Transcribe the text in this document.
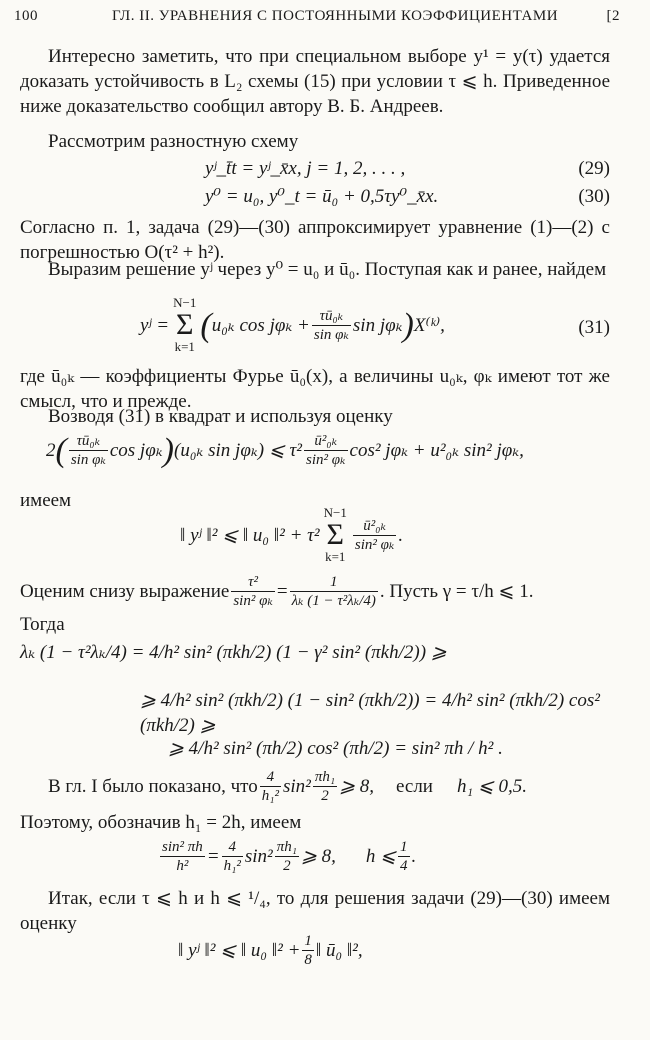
100	ГЛ. II. УРАВНЕНИЯ С ПОСТОЯННЫМИ КОЭФФИЦИЕНТАМИ	[2
Интересно заметить, что при специальном выборе y¹ = y(τ) удается доказать устойчивость в L₂ схемы (15) при условии τ ⩽ h. Приведенное ниже доказательство сообщил автору В. Б. Андреев.
Рассмотрим разностную схему
yʲ_t̄t = yʲ_x̄x, j = 1, 2, . . . ,	(29)
y⁰ = u₀, y⁰_t = ū₀ + 0,5τy⁰_x̄x.	(30)
Согласно п. 1, задача (29)—(30) аппроксимирует уравнение (1)—(2) с погрешностью O(τ² + h²).
Выразим решение yʲ через y⁰ = u₀ и ū₀. Поступая как и ранее, найдем
yʲ =
N−1
Σ
k=1
( u₀ₖ $\cos j\varphi_k + \frac{\text{τū₀ₖ}}{\text{sin φₖ}}$ sin jφₖ ) X⁽ᵏ⁾,	(31)
где ū₀ₖ — коэффициенты Фурье ū₀(x), а величины u₀ₖ, φₖ имеют тот же смысл, что и прежде.
Возводя (31) в квадрат и используя оценку
2 ( $\frac{\text{τū₀ₖ}}{\text{sin φₖ}}$ cos jφₖ ) (u₀ₖ sin jφₖ) ⩽ $\tau^2 \frac{\text{ū²₀ₖ}}{\text{sin² φₖ}} \cos^2$ jφₖ + u²₀ₖ sin² jφₖ,
имеем
‖ yʲ ‖² ⩽ ‖ u₀ ‖² + τ²
N−1
Σ
k=1
$\frac{\text{ū²₀ₖ}}{\text{sin² φₖ}}$ .
Оценим снизу выражение $\frac{\text{τ²}}{\text{sin² φₖ}} = \frac{1}{\text{λₖ (1 − τ²λₖ/4)}}$ . Пусть γ = τ/h ⩽ 1.
Тогда
λₖ (1 − τ²λₖ/4) = 4/h² sin² (πkh/2) (1 − γ² sin² (πkh/2)) ⩾
⩾ 4/h² sin² (πkh/2) (1 − sin² (πkh/2)) = 4/h² sin² (πkh/2) cos² (πkh/2) ⩾
⩾ 4/h² sin² (πh/2) cos² (πh/2) = sin² πh / h² .
В гл. I было показано, что $\frac{4}{\text{h₁²}} \sin^2 \frac{\text{πh₁}}{2}$ ⩾ 8, если h₁ ⩽ 0,5.
Поэтому, обозначив h₁ = 2h, имеем
$\frac{\text{sin² πh}}{\text{h²}} = \frac{4}{\text{h₁²}} \sin^2 \frac{\text{πh₁}}{2}$ ⩾ 8, h ⩽ $\frac{1}{4}$ .
Итак, если τ ⩽ h и h ⩽ ¹/₄, то для решения задачи (29)—(30) имеем оценку
‖ yʲ ‖² ⩽ ‖ u₀ ‖² + $\frac{1}{8}$ ‖ ū₀ ‖²,
